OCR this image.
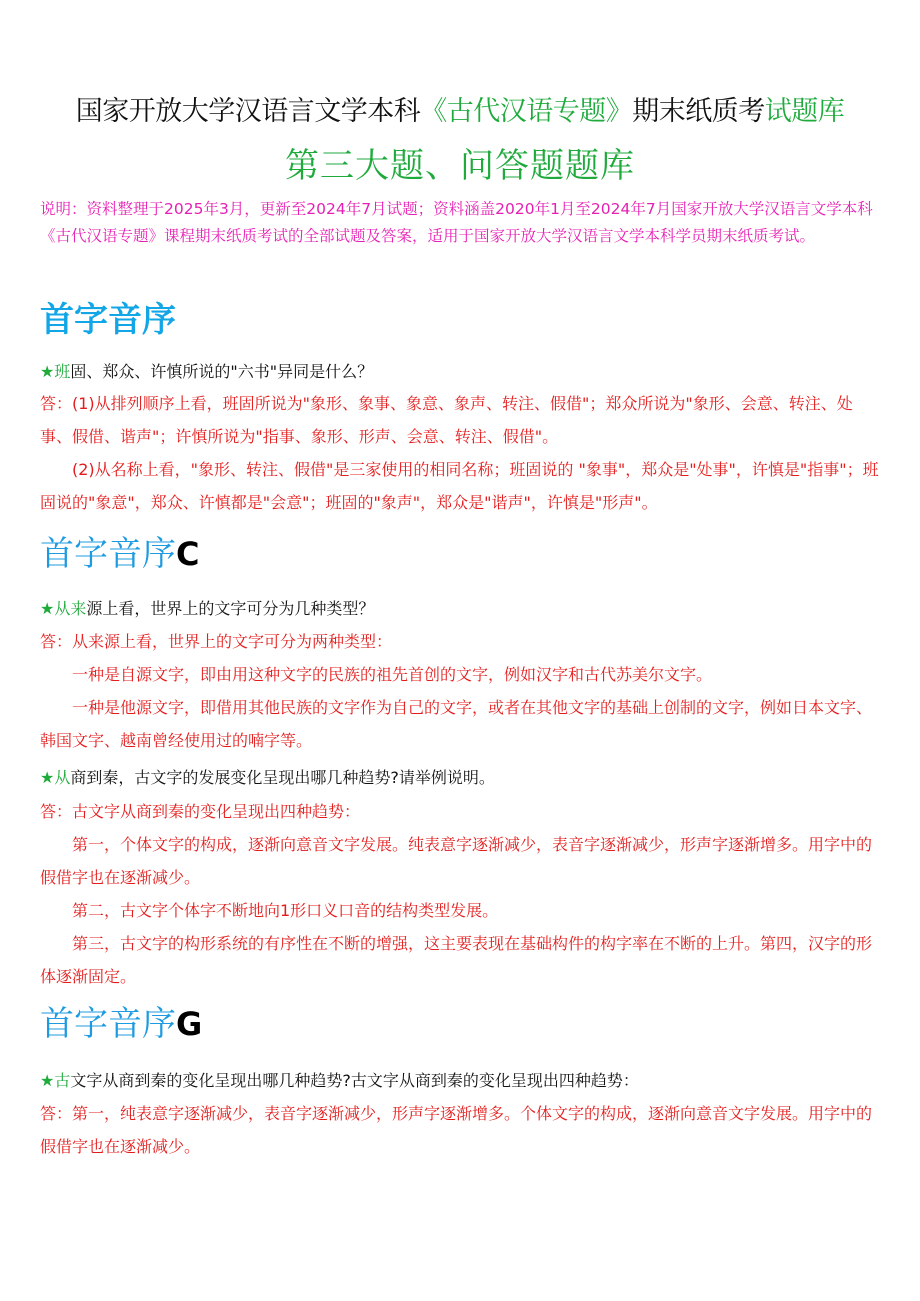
国家开放大学汉语言文学本科《古代汉语专题》期末纸质考试题库
第三大题、问答题题库
说明：资料整理于2025年3月，更新至2024年7月试题；资料涵盖2020年1月至2024年7月国家开放大学汉语言文学本科《古代汉语专题》课程期末纸质考试的全部试题及答案，适用于国家开放大学汉语言文学本科学员期末纸质考试。
首字音序
★班固、郑众、许慎所说的"六书"异同是什么？

答：(1)从排列顺序上看，班固所说为"象形、象事、象意、象声、转注、假借"；郑众所说为"象形、会意、转注、处事、假借、谐声"；许慎所说为"指事、象形、形声、会意、转注、假借"。

(2)从名称上看，"象形、转注、假借"是三家使用的相同名称；班固说的 "象事"，郑众是"处事"，许慎是"指事"；班固说的"象意"，郑众、许慎都是"会意"；班固的"象声"，郑众是"谐声"，许慎是"形声"。

首字音序C
★从来源上看，世界上的文字可分为几种类型？

答：从来源上看，世界上的文字可分为两种类型：

一种是自源文字，即由用这种文字的民族的祖先首创的文字，例如汉字和古代苏美尔文字。

一种是他源文字，即借用其他民族的文字作为自己的文字，或者在其他文字的基础上创制的文字，例如日本文字、韩国文字、越南曾经使用过的喃字等。

★从商到秦，古文字的发展变化呈现出哪几种趋势?请举例说明。

答：古文字从商到秦的变化呈现出四种趋势：

第一，个体文字的构成，逐渐向意音文字发展。纯表意字逐渐减少，表音字逐渐减少，形声字逐渐增多。用字中的假借字也在逐渐减少。

第二，古文字个体字不断地向1形口义口音的结构类型发展。

第三，古文字的构形系统的有序性在不断的增强，这主要表现在基础构件的构字率在不断的上升。第四，汉字的形体逐渐固定。

首字音序G
★古文字从商到秦的变化呈现出哪几种趋势?古文字从商到秦的变化呈现出四种趋势：

答：第一，纯表意字逐渐减少，表音字逐渐减少，形声字逐渐增多。个体文字的构成，逐渐向意音文字发展。用字中的假借字也在逐渐减少。
